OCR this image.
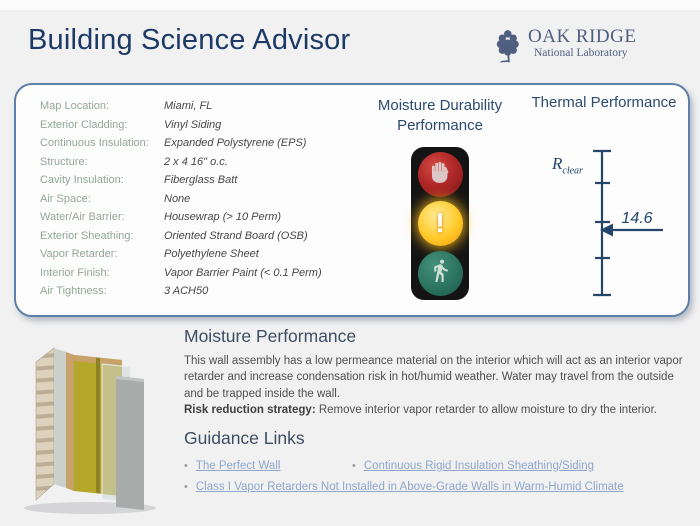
Building Science Advisor	OAK RIDGE
National Laboratory
Map Location:	Miami, FL
Exterior Cladding:	Vinyl Siding
Continuous Insulation:	Expanded Polystyrene (EPS)
Structure:	2 x 4 16" o.c.
Cavity Insulation:	Fiberglass Batt
Air Space:	None
Water/Air Barrier:	Housewrap (> 10 Perm)
Exterior Sheathing:	Oriented Strand Board (OSB)
Vapor Retarder:	Polyethylene Sheet
Interior Finish:	Vapor Barrier Paint (< 0.1 Perm)
Air Tightness:	3 ACH50
Moisture Durability Performance
!
Thermal Performance
$R_{clear}$
14.6
Moisture Performance

This wall assembly has a low permeance material on the interior which will act as an interior vapor retarder and increase condensation risk in hot/humid weather. Water may travel from the outside and be trapped inside the wall.

Risk reduction strategy: Remove interior vapor retarder to allow moisture to dry the interior.

Guidance Links
• The Perfect Wall	• Continuous Rigid Insulation Sheathing/Siding
• Class I Vapor Retarders Not Installed in Above-Grade Walls in Warm-Humid Climate
